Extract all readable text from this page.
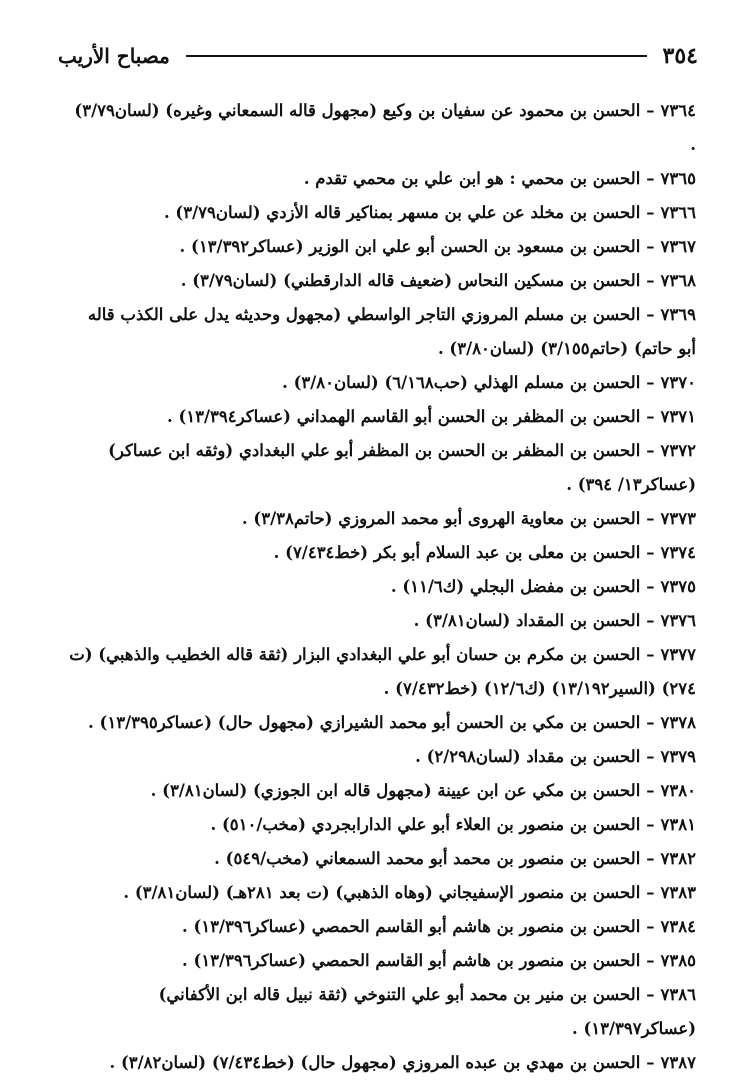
٣٥٤
مصباح الأريب
٧٣٦٤–الحسن بن محمود عن سفيان بن وكيع (مجهول قاله السمعاني وغيره) (لسان٣/٧٩) .
٧٣٦٥–الحسن بن محمي : هو ابن علي بن محمي تقدم .
٧٣٦٦–الحسن بن مخلد عن علي بن مسهر بمناكير قاله الأزدي (لسان٣/٧٩) .
٧٣٦٧–الحسن بن مسعود بن الحسن أبو علي ابن الوزير (عساكر١٣/٣٩٢) .
٧٣٦٨–الحسن بن مسكين النحاس (ضعيف قاله الدارقطني) (لسان٣/٧٩) .
٧٣٦٩–الحسن بن مسلم المروزي التاجر الواسطي (مجهول وحديثه يدل على الكذب قاله أبو حاتم) (حاتم٣/١٥٥) (لسان٣/٨٠) .
٧٣٧٠–الحسن بن مسلم الهذلي (حب٦/١٦٨) (لسان٣/٨٠) .
٧٣٧١–الحسن بن المظفر بن الحسن أبو القاسم الهمداني (عساكر١٣/٣٩٤) .
٧٣٧٢–الحسن بن المظفر بن الحسن بن المظفر أبو علي البغدادي (وثقه ابن عساكر) (عساكر١٣/ ٣٩٤) .
٧٣٧٣–الحسن بن معاوية الهروى أبو محمد المروزي (حاتم٣/٣٨) .
٧٣٧٤–الحسن بن معلى بن عبد السلام أبو بكر (خط٧/٤٣٤) .
٧٣٧٥–الحسن بن مفضل البجلي (ك١١/٦) .
٧٣٧٦–الحسن بن المقداد (لسان٣/٨١) .
٧٣٧٧–الحسن بن مكرم بن حسان أبو علي البغدادي البزار (ثقة قاله الخطيب والذهبي) (ت ٢٧٤) (السير١٣/١٩٢) (ك١٢/٦) (خط٧/٤٣٢) .
٧٣٧٨–الحسن بن مكي بن الحسن أبو محمد الشيرازي (مجهول حال) (عساكر١٣/٣٩٥) .
٧٣٧٩–الحسن بن مقداد (لسان٢/٢٩٨) .
٧٣٨٠–الحسن بن مكي عن ابن عيينة (مجهول قاله ابن الجوزي) (لسان٣/٨١) .
٧٣٨١–الحسن بن منصور بن العلاء أبو علي الدارابجردي (مخب/٥١٠) .
٧٣٨٢–الحسن بن منصور بن محمد أبو محمد السمعاني (مخب/٥٤٩) .
٧٣٨٣–الحسن بن منصور الإسفيجاني (وهاه الذهبي) (ت بعد ٢٨١هـ) (لسان٣/٨١) .
٧٣٨٤–الحسن بن منصور بن هاشم أبو القاسم الحمصي (عساكر١٣/٣٩٦) .
٧٣٨٥–الحسن بن منصور بن هاشم أبو القاسم الحمصي (عساكر١٣/٣٩٦) .
٧٣٨٦–الحسن بن منير بن محمد أبو علي التنوخي (ثقة نبيل قاله ابن الأكفاني) (عساكر١٣/٣٩٧) .
٧٣٨٧–الحسن بن مهدي بن عبده المروزي (مجهول حال) (خط٧/٤٣٤) (لسان٣/٨٢) .
